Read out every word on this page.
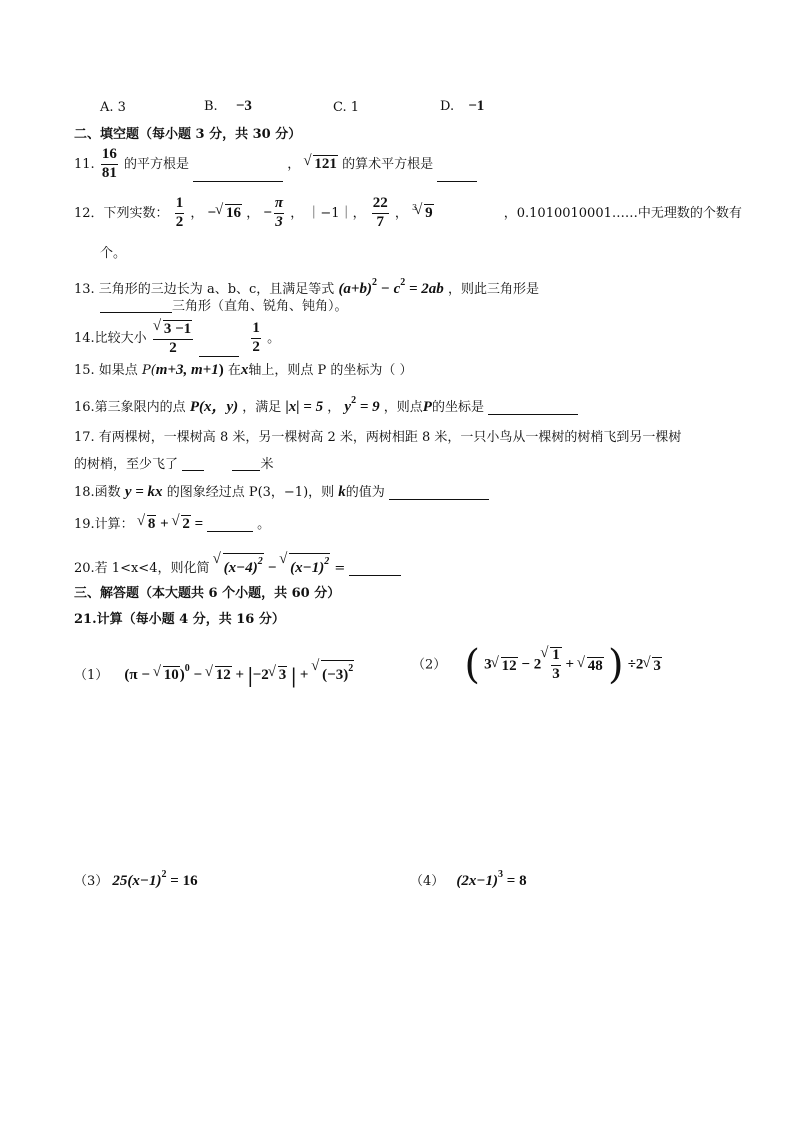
A. 3	B. −3	C. 1	D. −1
二、填空题（每小题 3 分，共 30 分）
11. $\frac{16}{81}$ 的平方根是	， √ 121 的算术平方根是
12．下列实数： $\frac{1}{2}$ ， − √ 16 ， − $\frac{\pi}{3}$ ， ｜−1｜， $\frac{22}{7}$ ， $^3$ √ 9	，0.1010010001……中无理数的个数有
个。
13. 三角形的三边长为 a、b、c，且满足等式 $(a+b)^2 - c^2 = 2ab$ ，则此三角形是
三角形（直角、锐角、钝角）。
14.比较大小 √ $\frac{3 -1}{2}$
	$\frac{1}{2}$ 。
15. 如果点 P(m+3, m+1) 在x轴上，则点 P 的坐标为（ ）
16.第三象限内的点 P(x，y) ，满足 |x| = 5 ， $y^2 = 9$ ，则点P的坐标是
17. 有两棵树，一棵树高 8 米，另一棵树高 2 米，两树相距 8 米，一只小鸟从一棵树的树梢飞到另一棵树
的树梢，至少飞了	米
18.函数 y = kx 的图象经过点 P(3，−1)，则 k的值为
19.计算： √ 8 + √ 2 =	。
20.若 1<x<4，则化简 √ $(x-4)^2$ − √ $(x-1)^2$ =
三、解答题（本大题共 6 个小题，共 60 分）
21.计算（每小题 4 分，共 16 分）
（1） (π − √ 10)$^0$ − √ 12 + |−2 √ 3 | + √ $(-3)^2$	（2） ( 3 √ 12 − 2 √ $\frac{1}{3}$ + √ 48 ) ÷2 √ 3
（3） $25(x-1)^2 = 16$	（4） $(2x-1)^3 = 8$
